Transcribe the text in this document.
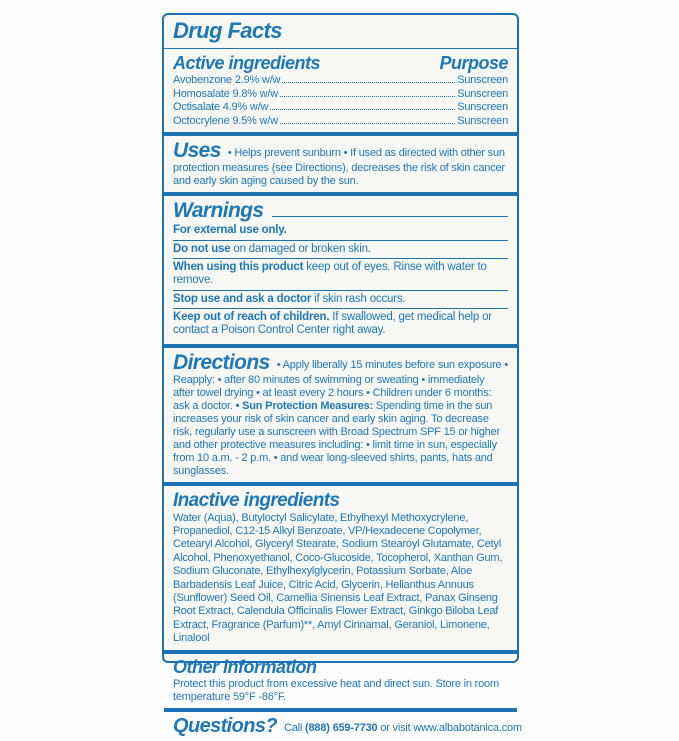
Drug Facts
Active ingredients	Purpose
Avobenzone 2.9% w/w	Sunscreen
Homosalate 9.8% w/w	Sunscreen
Octisalate 4.9% w/w	Sunscreen
Octocrylene 9.5% w/w	Sunscreen
Uses • Helps prevent sunburn • If used as directed with other sun protection measures (see Directions), decreases the risk of skin cancer and early skin aging caused by the sun.
Warnings
For external use only.
Do not use on damaged or broken skin.
When using this product keep out of eyes. Rinse with water to remove.
Stop use and ask a doctor if skin rash occurs.
Keep out of reach of children. If swallowed, get medical help or contact a Poison Control Center right away.
Directions • Apply liberally 15 minutes before sun exposure • Reapply: • after 80 minutes of swimming or sweating • immediately after towel drying • at least every 2 hours • Children under 6 months: ask a doctor. • Sun Protection Measures: Spending time in the sun increases your risk of skin cancer and early skin aging. To decrease risk, regularly use a sunscreen with Broad Spectrum SPF 15 or higher and other protective measures including: • limit time in sun, especially from 10 a.m. - 2 p.m. • and wear long-sleeved shirts, pants, hats and sunglasses.
Inactive ingredients
Water (Aqua), Butyloctyl Salicylate, Ethylhexyl Methoxycrylene, Propanediol, C12-15 Alkyl Benzoate, VP/Hexadecene Copolymer, Cetearyl Alcohol, Glyceryl Stearate, Sodium Stearoyl Glutamate, Cetyl Alcohol, Phenoxyethanol, Coco-Glucoside, Tocopherol, Xanthan Gum, Sodium Gluconate, Ethylhexylglycerin, Potassium Sorbate, Aloe Barbadensis Leaf Juice, Citric Acid, Glycerin, Helianthus Annuus (Sunflower) Seed Oil, Camellia Sinensis Leaf Extract, Panax Ginseng Root Extract, Calendula Officinalis Flower Extract, Ginkgo Biloba Leaf Extract, Fragrance (Parfum)**, Amyl Cinnamal, Geraniol, Limonene, Linalool
Other information
Protect this product from excessive heat and direct sun. Store in room temperature 59°F -86°F.
Questions? Call (888) 659-7730 or visit www.albabotanica.com
